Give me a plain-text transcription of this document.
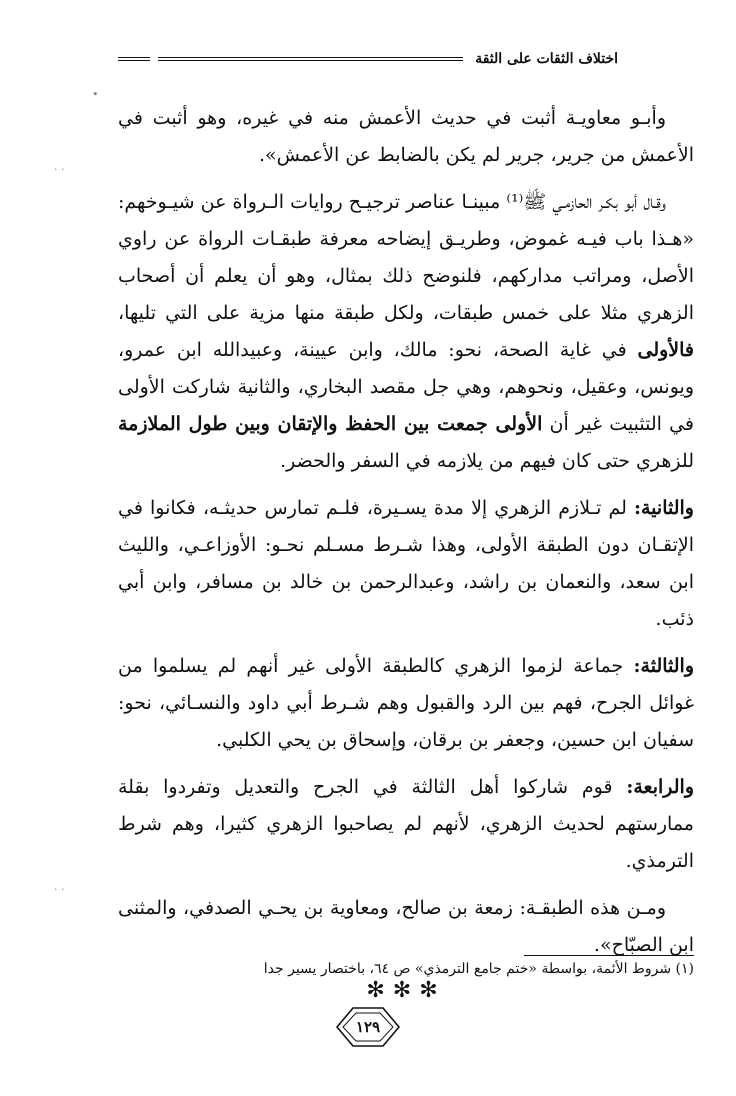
اختلاف الثقات على الثقة

وأبـو معاويـة أثبت في حديث الأعمش منه في غيره، وهو أثبت في الأعمش من جرير، جرير لم يكن بالضابط عن الأعمش».

وقـال أبو بكـر الحازمـي ﷺ⁽¹⁾ مبينـا عناصر ترجيـح روايات الـرواة عن شيـوخهم: «هـذا باب فيـه غموض، وطريـق إيضاحه معرفة طبقـات الرواة عن راوي الأصل، ومراتب مداركهم، فلنوضح ذلك بمثال، وهو أن يعلم أن أصحاب الزهري مثلا على خمس طبقات، ولكل طبقة منها مزية على التي تليها، فالأولى في غاية الصحة، نحو: مالك، وابن عيينة، وعبيدالله ابن عمرو، ويونس، وعقيل، ونحوهم، وهي جل مقصد البخاري، والثانية شاركت الأولى في التثبيت غير أن الأولى جمعت بين الحفظ والإتقان وبين طول الملازمة للزهري حتى كان فيهم من يلازمه في السفر والحضر.

والثانية: لم تـلازم الزهري إلا مدة يسـيرة، فلـم تمارس حديثـه، فكانوا في الإتقـان دون الطبقة الأولى، وهذا شـرط مسـلم نحـو: الأوزاعـي، والليث ابن سعد، والنعمان بن راشد، وعبدالرحمن بن خالد بن مسافر، وابن أبي ذئب.

والثالثة: جماعة لزموا الزهري كالطبقة الأولى غير أنهم لم يسلموا من غوائل الجرح، فهم بين الرد والقبول وهم شـرط أبي داود والنسـائي، نحو: سفيان ابن حسين، وجعفر بن برقان، وإسحاق بن يحي الكلبي.

والرابعة: قوم شاركوا أهل الثالثة في الجرح والتعديل وتفردوا بقلة ممارستهم لحديث الزهري، لأنهم لم يصاحبوا الزهري كثيرا، وهم شرط الترمذي.

ومـن هذه الطبقـة: زمعة بن صالح، ومعاوية بن يحـي الصدفي، والمثنى ابن الصبّاح».

✻✻✻

(١) شروط الأئمة، بواسطة «ختم جامع الترمذي» ص ٦٤، باختصار يسير جدا
١٢٩
•
. .
. .
